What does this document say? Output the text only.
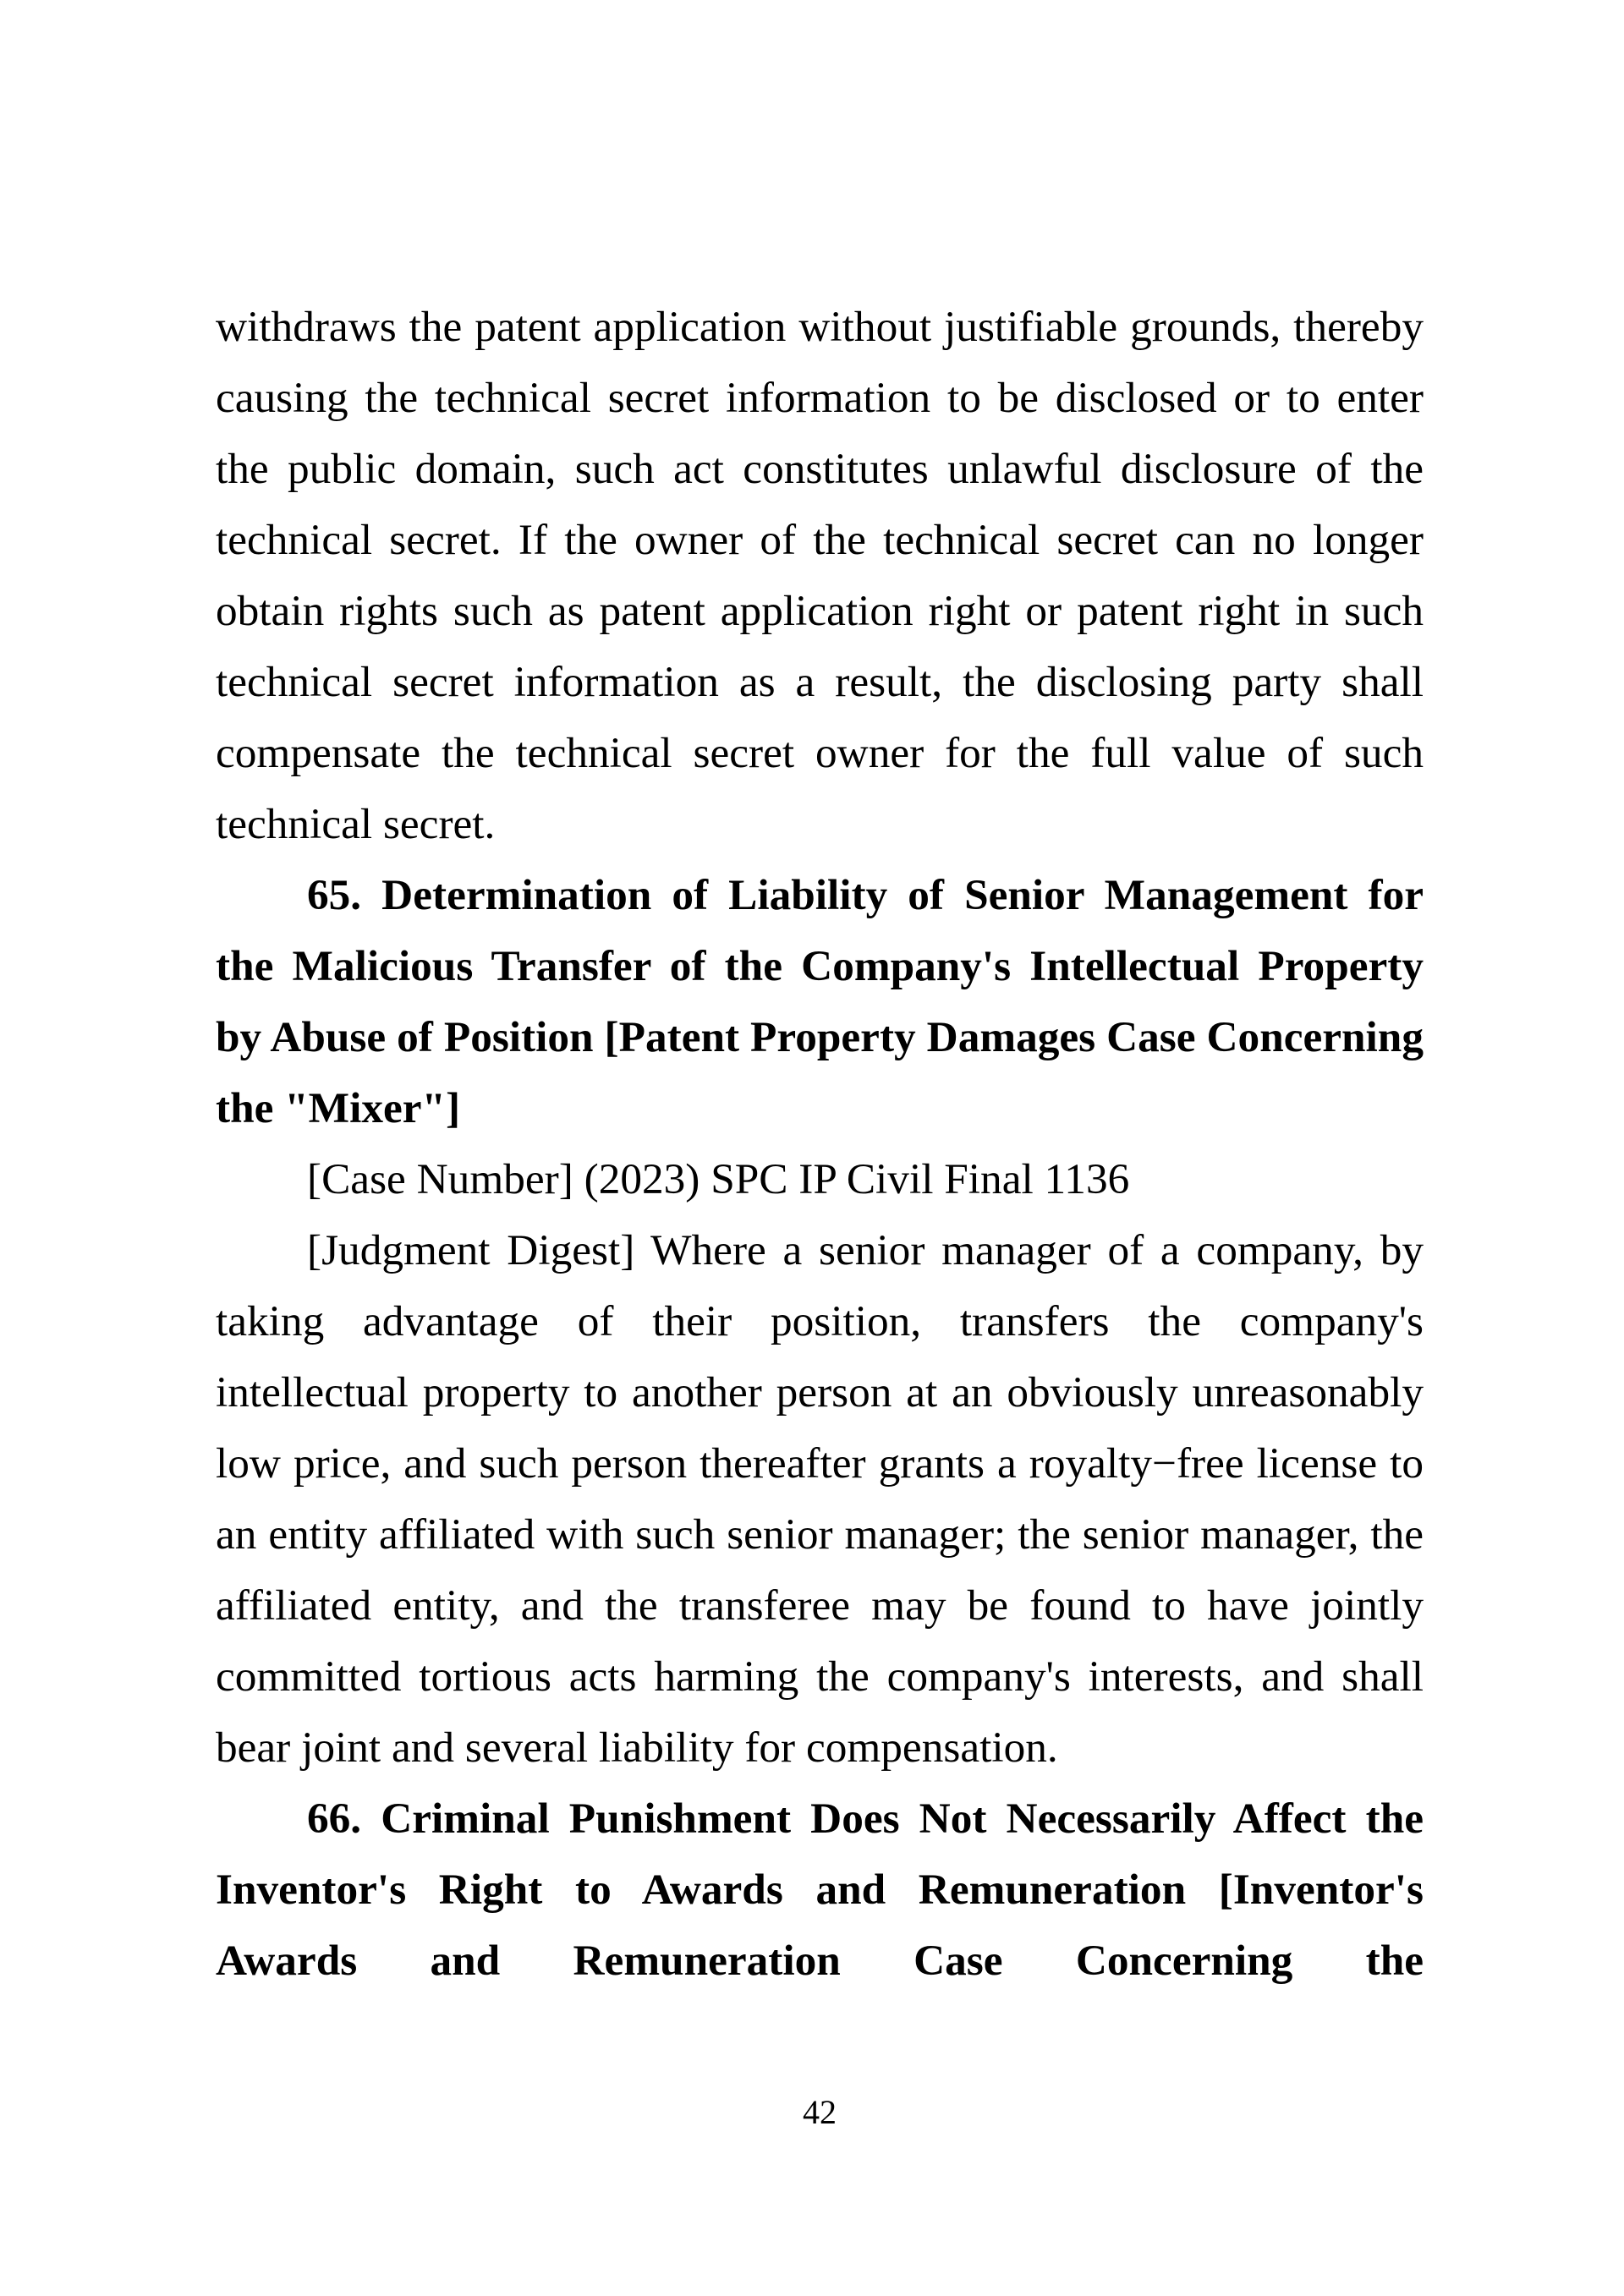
withdraws the patent application without justifiable grounds, thereby causing the technical secret information to be disclosed or to enter the public domain, such act constitutes unlawful disclosure of the technical secret. If the owner of the technical secret can no longer obtain rights such as patent application right or patent right in such technical secret information as a result, the disclosing party shall compensate the technical secret owner for the full value of such technical secret.

65. Determination of Liability of Senior Management for the Malicious Transfer of the Company's Intellectual Property by Abuse of Position [Patent Property Damages Case Concerning the "Mixer"]

[Case Number] (2023) SPC IP Civil Final 1136

[Judgment Digest] Where a senior manager of a company, by taking advantage of their position, transfers the company's intellectual property to another person at an obviously unreasonably low price, and such person thereafter grants a royalty−free license to an entity affiliated with such senior manager; the senior manager, the affiliated entity, and the transferee may be found to have jointly committed tortious acts harming the company's interests, and shall bear joint and several liability for compensation.

66. Criminal Punishment Does Not Necessarily Affect the Inventor's Right to Awards and Remuneration [Inventor's Awards and Remuneration Case Concerning the

42
